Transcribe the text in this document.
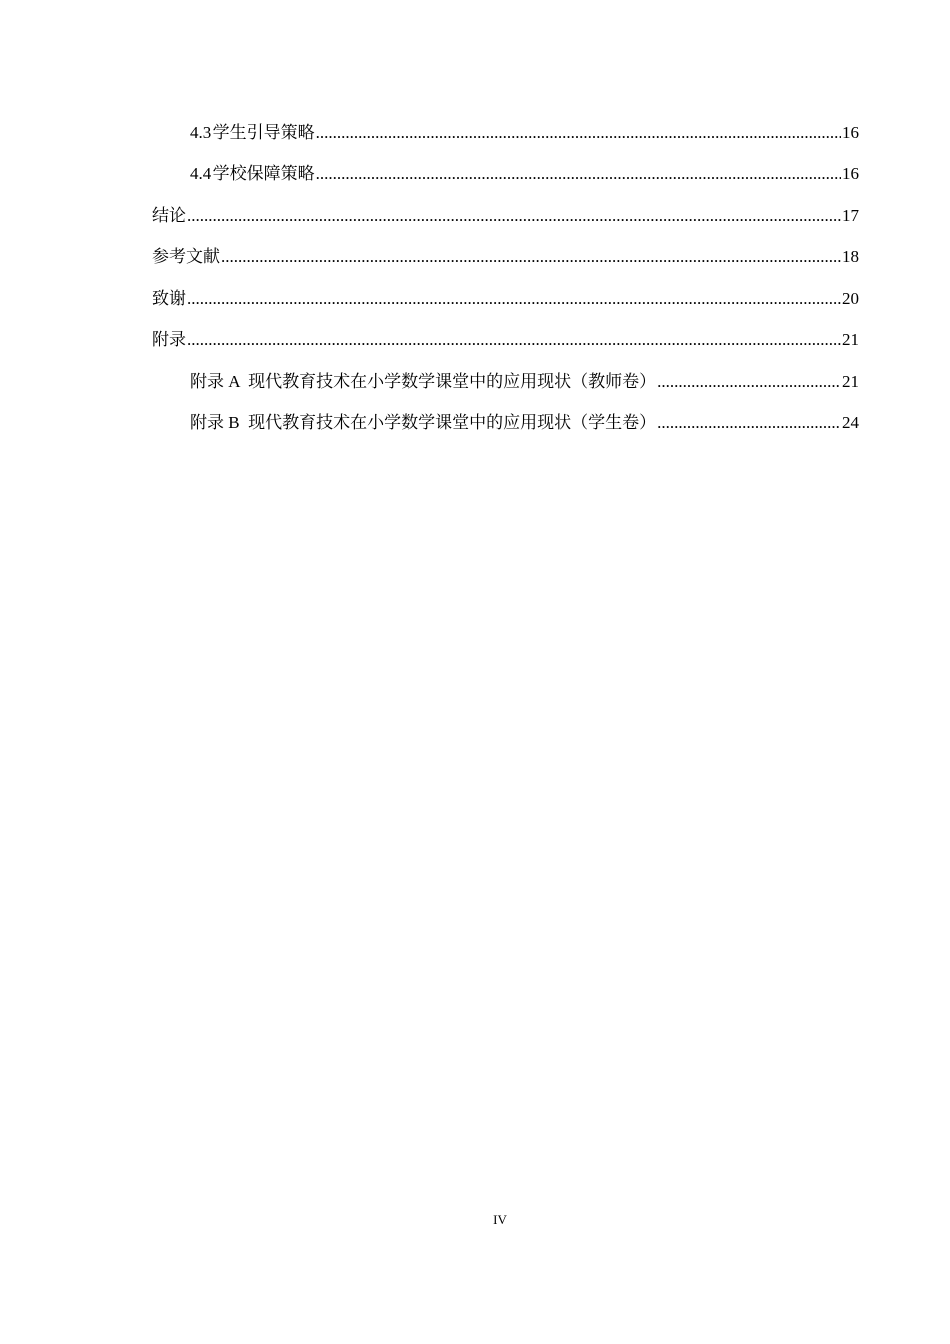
4.3 学生引导策略 .....	16
4.4 学校保障策略 .....	16
结论 .....	17
参考文献 .....	18
致谢 .....	20
附录 .....	21
附录 A  现代教育技术在小学数学课堂中的应用现状（教师卷） .....	21
附录 B  现代教育技术在小学数学课堂中的应用现状（学生卷） .....	24
IV
